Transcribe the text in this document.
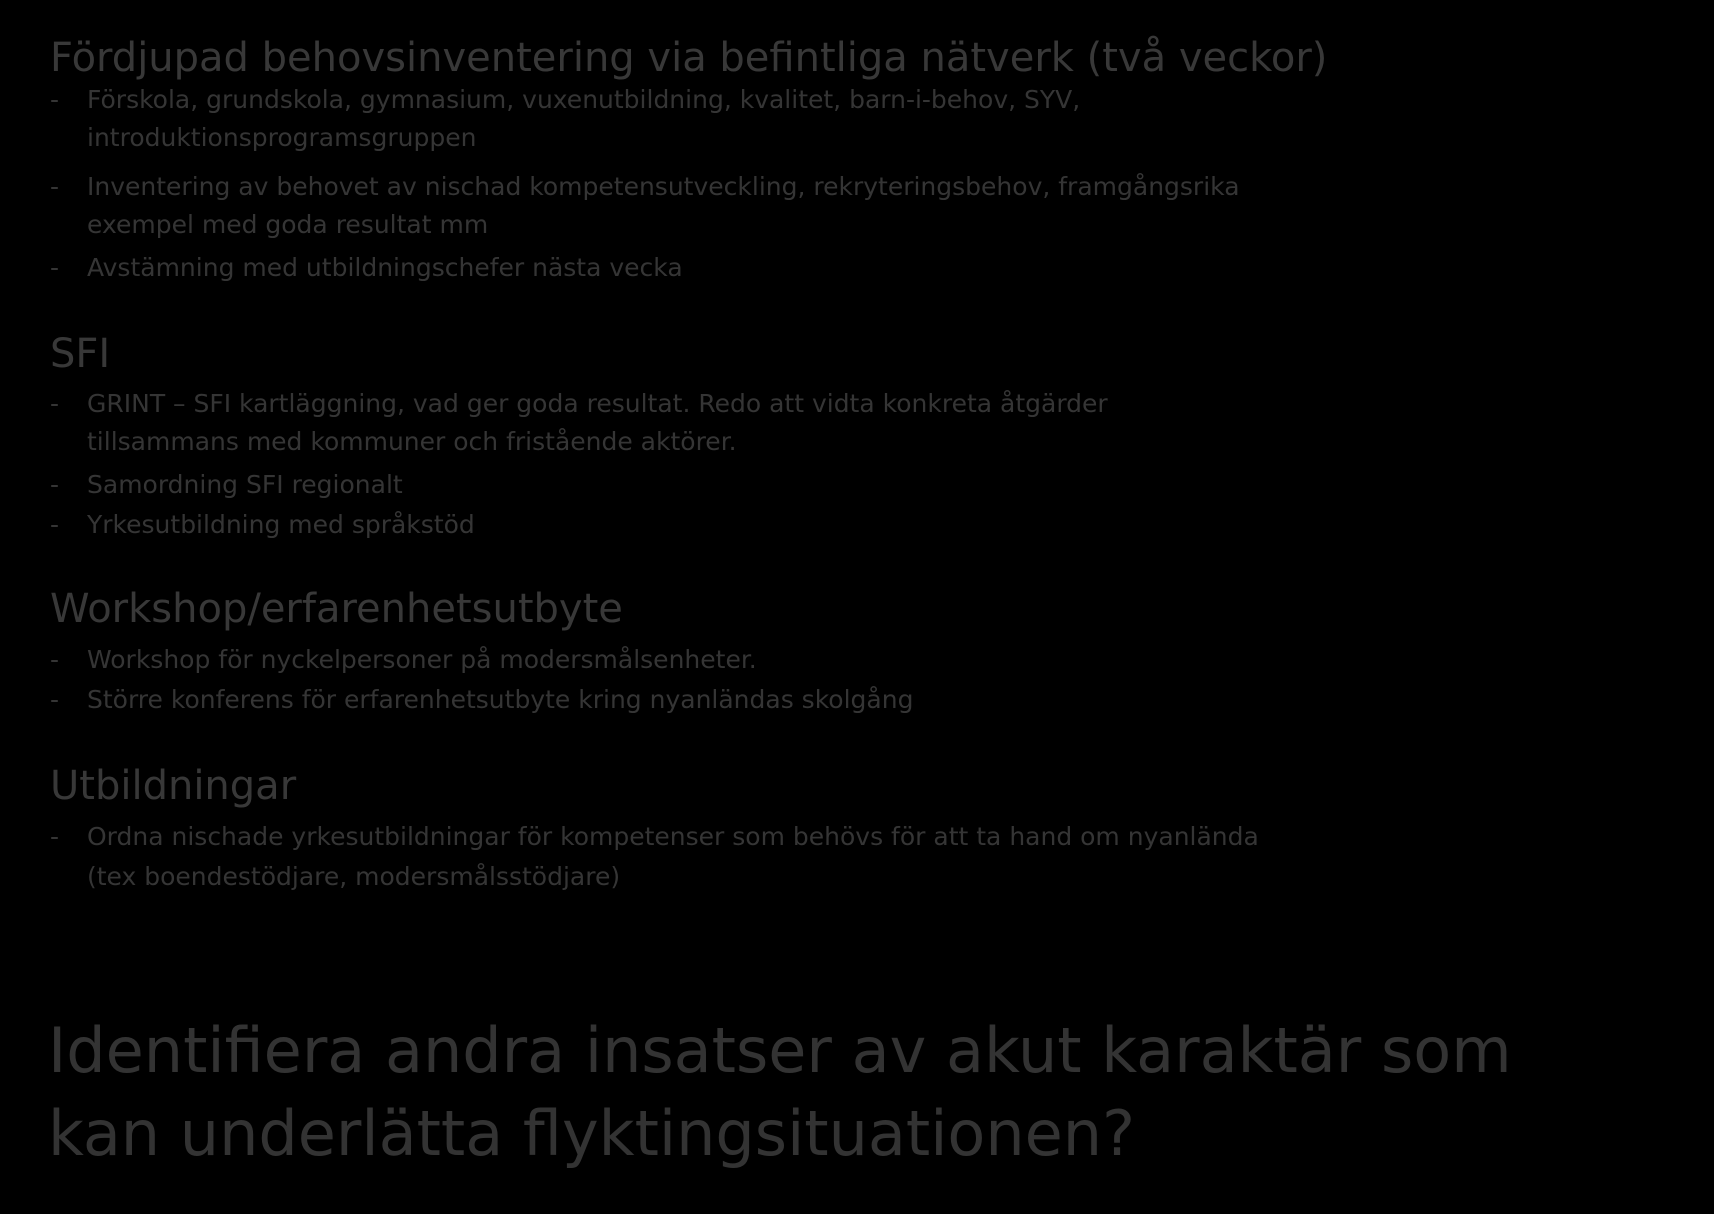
Fördjupad behovsinventering via befintliga nätverk (två veckor)
- Förskola, grundskola, gymnasium, vuxenutbildning, kvalitet, barn-i-behov, SYV,
introduktionsprogramsgruppen
- Inventering av behovet av nischad kompetensutveckling, rekryteringsbehov, framgångsrika
exempel med goda resultat mm
- Avstämning med utbildningschefer nästa vecka
SFI
- GRINT – SFI kartläggning, vad ger goda resultat. Redo att vidta konkreta åtgärder
tillsammans med kommuner och fristående aktörer.
- Samordning SFI regionalt
- Yrkesutbildning med språkstöd
Workshop/erfarenhetsutbyte
- Workshop för nyckelpersoner på modersmålsenheter.
- Större konferens för erfarenhetsutbyte kring nyanländas skolgång
Utbildningar
- Ordna nischade yrkesutbildningar för kompetenser som behövs för att ta hand om nyanlända
(tex boendestödjare, modersmålsstödjare)
Identifiera andra insatser av akut karaktär som
kan underlätta flyktingsituationen?
